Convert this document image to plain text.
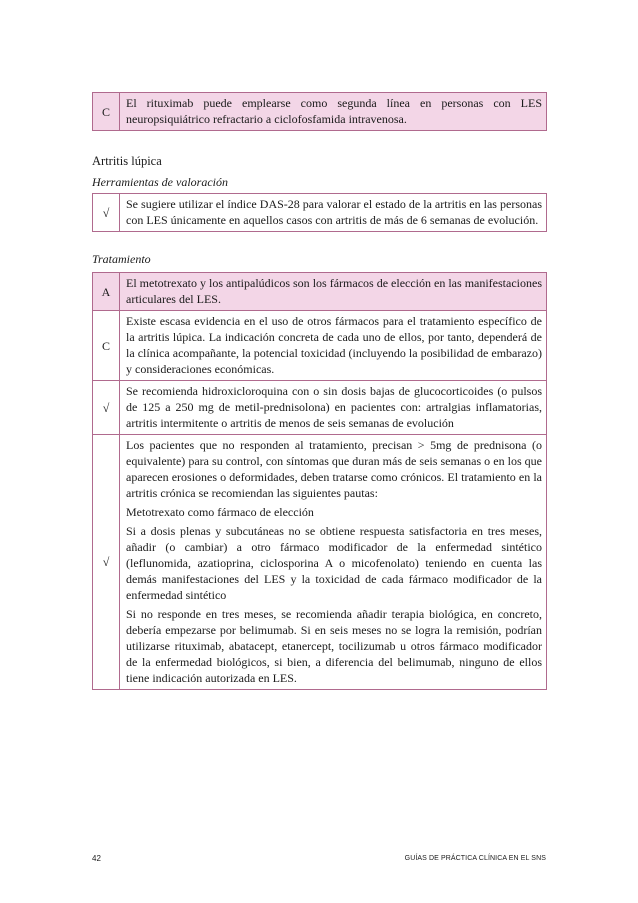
C	El rituximab puede emplearse como segunda línea en personas con LES neuropsiquiátrico refractario a ciclofosfamida intravenosa.
Artritis lúpica

Herramientas de valoración

√	Se sugiere utilizar el índice DAS-28 para valorar el estado de la artritis en las personas con LES únicamente en aquellos casos con artritis de más de 6 semanas de evolución.

Tratamiento

A	El metotrexato y los antipalúdicos son los fármacos de elección en las manifestaciones articulares del LES.
C	Existe escasa evidencia en el uso de otros fármacos para el tratamiento específico de la artritis lúpica. La indicación concreta de cada uno de ellos, por tanto, dependerá de la clínica acompañante, la potencial toxicidad (incluyendo la posibilidad de embarazo) y consideraciones económicas.
√	Se recomienda hidroxicloroquina con o sin dosis bajas de glucocorticoides (o pulsos de 125 a 250 mg de metil-prednisolona) en pacientes con: artralgias inflamatorias, artritis intermitente o artritis de menos de seis semanas de evolución
√	Los pacientes que no responden al tratamiento, precisan > 5mg de prednisona (o equivalente) para su control, con síntomas que duran más de seis semanas o en los que aparecen erosiones o deformidades, deben tratarse como crónicos. El tratamiento en la artritis crónica se recomiendan las siguientes pautas:

Metotrexato como fármaco de elección

Si a dosis plenas y subcutáneas no se obtiene respuesta satisfactoria en tres meses, añadir (o cambiar) a otro fármaco modificador de la enfermedad sintético (leflunomida, azatioprina, ciclosporina A o micofenolato) teniendo en cuenta las demás manifestaciones del LES y la toxicidad de cada fármaco modificador de la enfermedad sintético

Si no responde en tres meses, se recomienda añadir terapia biológica, en concreto, debería empezarse por belimumab. Si en seis meses no se logra la remisión, podrían utilizarse rituximab, abatacept, etanercept, tocilizumab u otros fármaco modificador de la enfermedad biológicos, si bien, a diferencia del belimumab, ninguno de ellos tiene indicación autorizada en LES.

42	GUÍAS DE PRÁCTICA CLÍNICA EN EL SNS
